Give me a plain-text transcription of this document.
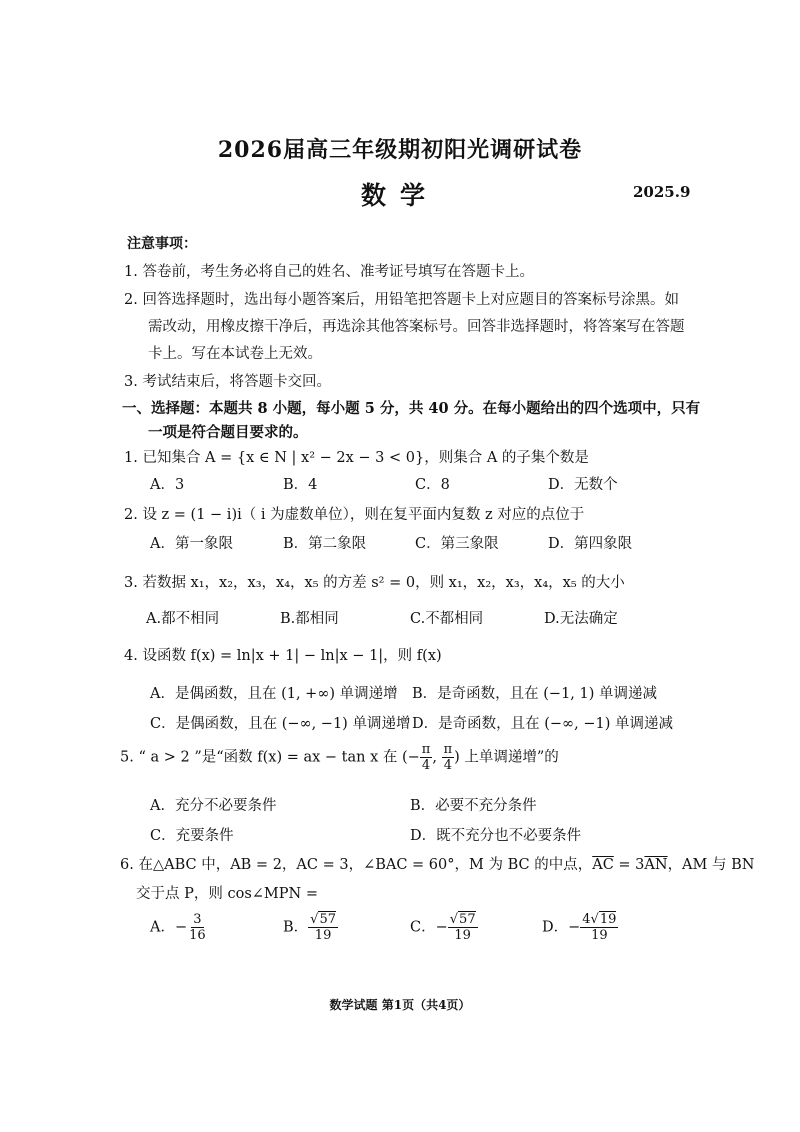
2026届高三年级期初阳光调研试卷
数学	2025.9
注意事项：
1. 答卷前，考生务必将自己的姓名、准考证号填写在答题卡上。
2. 回答选择题时，选出每小题答案后，用铅笔把答题卡上对应题目的答案标号涂黑。如
需改动，用橡皮擦干净后，再选涂其他答案标号。回答非选择题时，将答案写在答题
卡上。写在本试卷上无效。
3. 考试结束后，将答题卡交回。
一、选择题：本题共 8 小题，每小题 5 分，共 40 分。在每小题给出的四个选项中，只有
一项是符合题目要求的。
1. 已知集合 A = {x ∈ N | x² − 2x − 3 < 0}，则集合 A 的子集个数是
A．3	B．4	C．8	D．无数个
2. 设 z = (1 − i)i（ i 为虚数单位），则在复平面内复数 z 对应的点位于
A．第一象限	B．第二象限	C．第三象限	D．第四象限
3. 若数据 x₁，x₂，x₃，x₄，x₅ 的方差 s² = 0，则 x₁，x₂，x₃，x₄，x₅ 的大小
A.都不相同	B.都相同	C.不都相同	D.无法确定
4. 设函数 f(x) = ln|x + 1| − ln|x − 1|，则 f(x)
A．是偶函数，且在 (1, +∞) 单调递增 B．是奇函数，且在 (−1, 1) 单调递减
C．是偶函数，且在 (−∞, −1) 单调递增 D．是奇函数，且在 (−∞, −1) 单调递减
5. “ a > 2 ”是“函数 f(x) = ax − tan x 在 (− $\frac{\pi}{4}$ , $\frac{\pi}{4}$ ) 上单调递增”的
A．充分不必要条件	B．必要不充分条件
C．充要条件	D．既不充分也不必要条件
6. 在△ABC 中，AB = 2，AC = 3，∠BAC = 60°，M 为 BC 的中点，$\overline{AC} = 3\overline{AN}$，AM 与 BN
交于点 P，则 cos∠MPN =
A．− $\frac{3}{16}$	B． $\frac{√57}{19}$	C．− $\frac{√57}{19}$	D．− $\frac{4√19}{19}$
数学试题 第1页（共4页）
